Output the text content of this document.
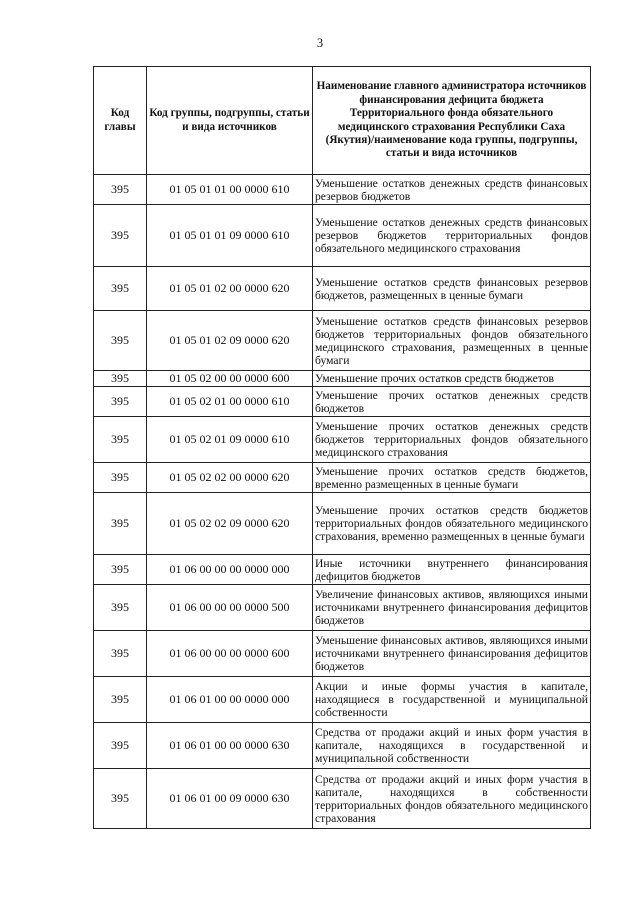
3
Код главы	Код группы, подгруппы, статьи и вида источников	Наименование главного администратора источников финансирования дефицита бюджета Территориального фонда обязательного медицинского страхования Республики Саха (Якутия)/наименование кода группы, подгруппы, статьи и вида источников
395	01 05 01 01 00 0000 610	Уменьшение остатков денежных средств финансовых резервов бюджетов
395	01 05 01 01 09 0000 610	Уменьшение остатков денежных средств финансовых резервов бюджетов территориальных фондов обязательного медицинского страхования
395	01 05 01 02 00 0000 620	Уменьшение остатков средств финансовых резервов бюджетов, размещенных в ценные бумаги
395	01 05 01 02 09 0000 620	Уменьшение остатков средств финансовых резервов бюджетов территориальных фондов обязательного медицинского страхования, размещенных в ценные бумаги
395	01 05 02 00 00 0000 600	Уменьшение прочих остатков средств бюджетов
395	01 05 02 01 00 0000 610	Уменьшение прочих остатков денежных средств бюджетов
395	01 05 02 01 09 0000 610	Уменьшение прочих остатков денежных средств бюджетов территориальных фондов обязательного медицинского страхования
395	01 05 02 02 00 0000 620	Уменьшение прочих остатков средств бюджетов, временно размещенных в ценные бумаги
395	01 05 02 02 09 0000 620	Уменьшение прочих остатков средств бюджетов территориальных фондов обязательного медицинского страхования, временно размещенных в ценные бумаги
395	01 06 00 00 00 0000 000	Иные источники внутреннего финансирования дефицитов бюджетов
395	01 06 00 00 00 0000 500	Увеличение финансовых активов, являющихся иными источниками внутреннего финансирования дефицитов бюджетов
395	01 06 00 00 00 0000 600	Уменьшение финансовых активов, являющихся иными источниками внутреннего финансирования дефицитов бюджетов
395	01 06 01 00 00 0000 000	Акции и иные формы участия в капитале, находящиеся в государственной и муниципальной собственности
395	01 06 01 00 00 0000 630	Средства от продажи акций и иных форм участия в капитале, находящихся в государственной и муниципальной собственности
395	01 06 01 00 09 0000 630	Средства от продажи акций и иных форм участия в капитале, находящихся в собственности территориальных фондов обязательного медицинского страхования
